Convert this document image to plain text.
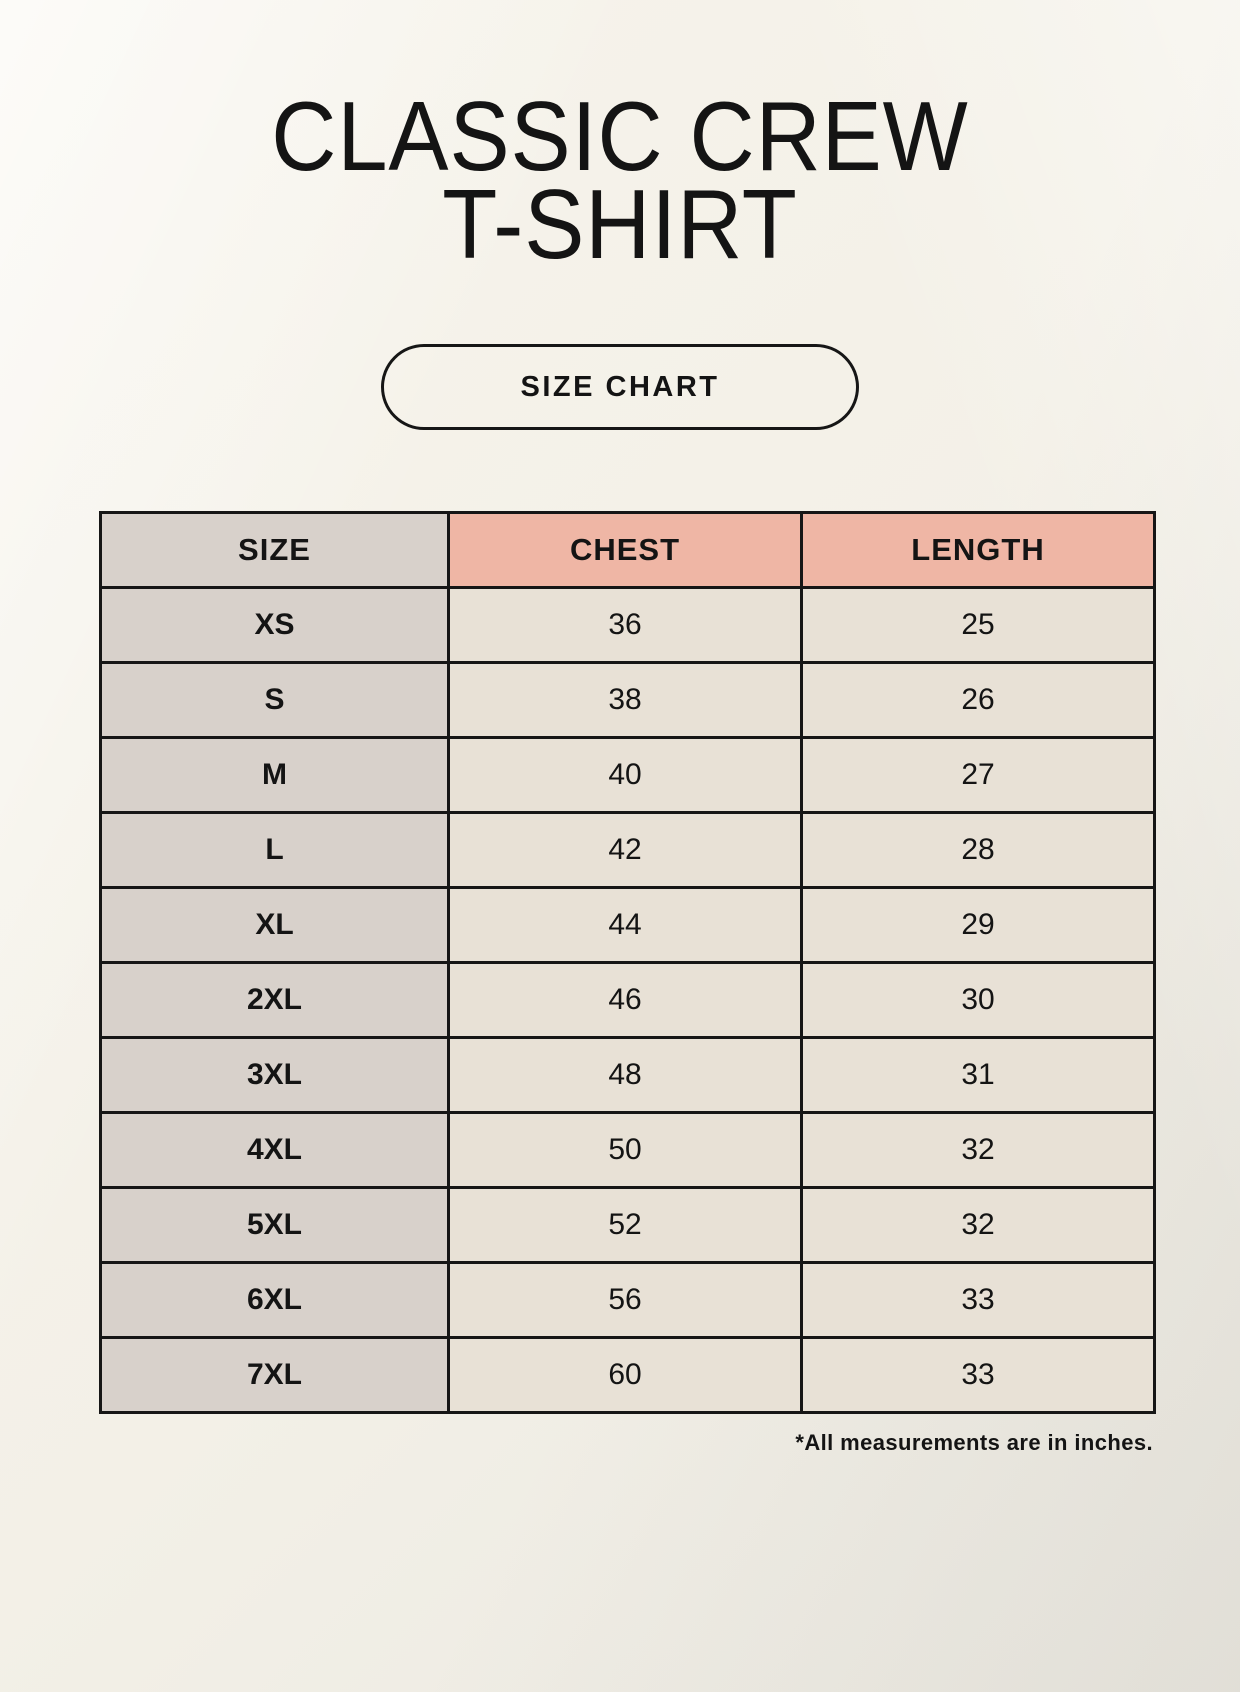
CLASSIC CREW
T-SHIRT
SIZE CHART
SIZE	CHEST	LENGTH
XS	36	25
S	38	26
M	40	27
L	42	28
XL	44	29
2XL	46	30
3XL	48	31
4XL	50	32
5XL	52	32
6XL	56	33
7XL	60	33

*All measurements are in inches.
